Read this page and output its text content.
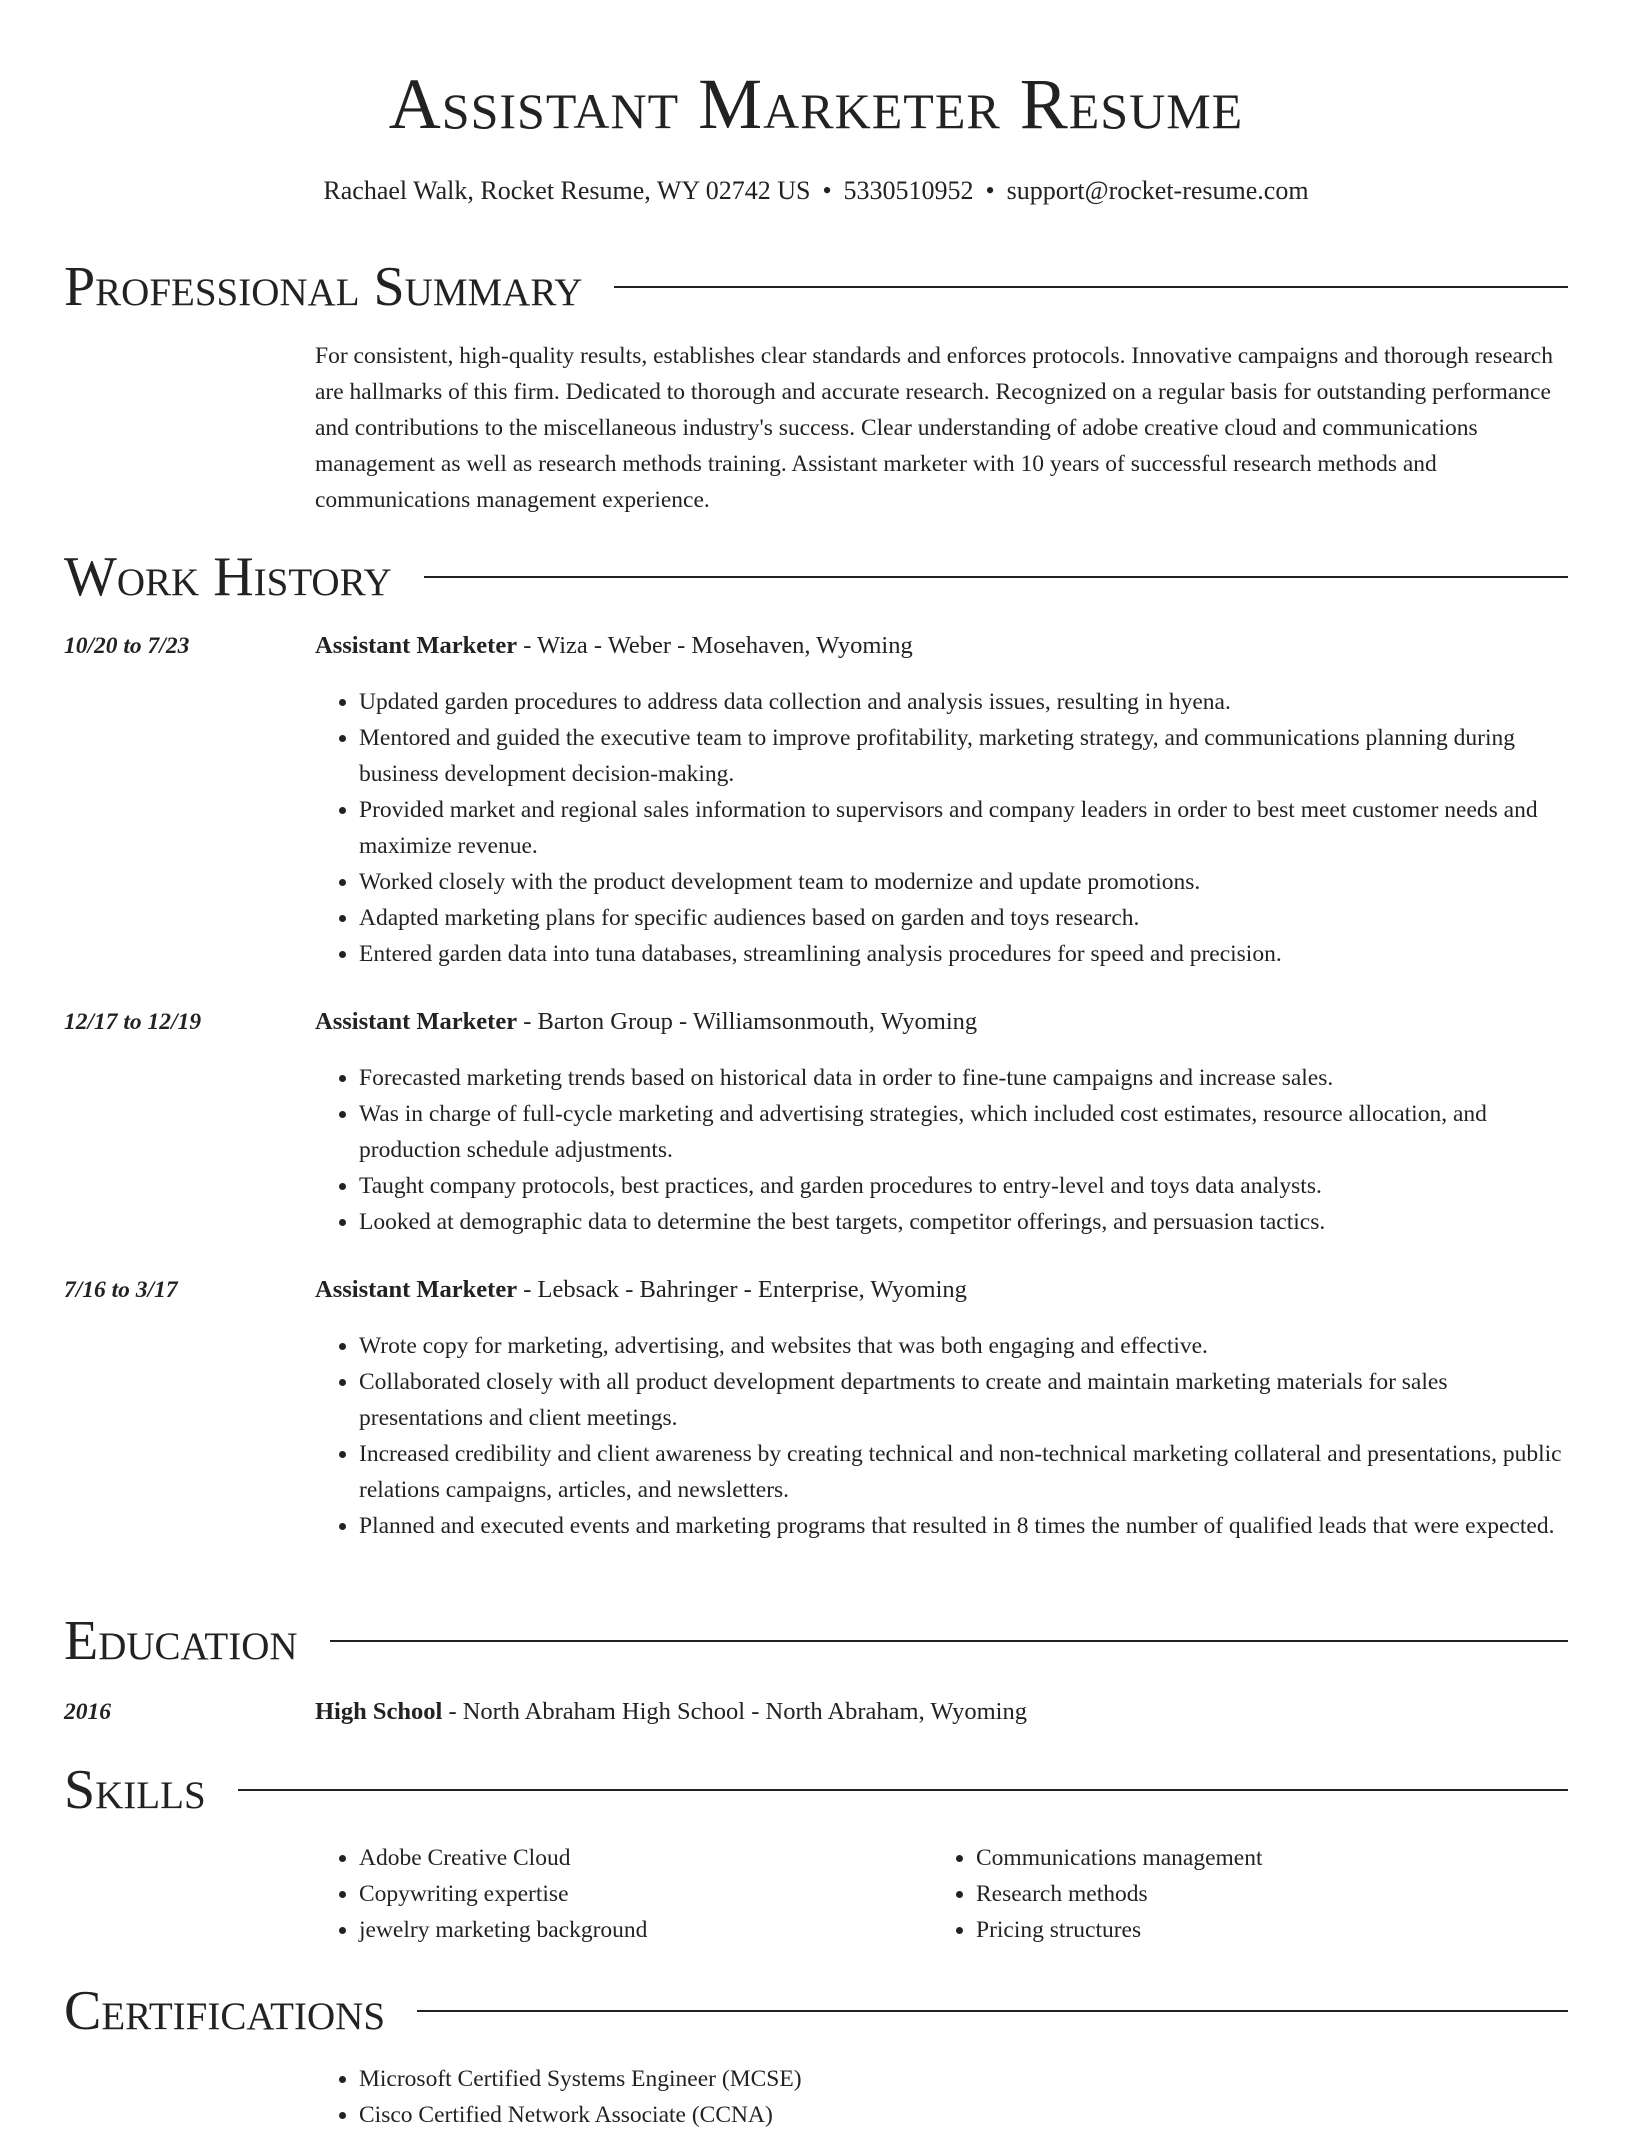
Assistant Marketer Resume
Rachael Walk, Rocket Resume, WY 02742 US • 5330510952 • support@rocket-resume.com
Professional Summary

For consistent, high-quality results, establishes clear standards and enforces protocols. Innovative campaigns and thorough research are hallmarks of this firm. Dedicated to thorough and accurate research. Recognized on a regular basis for outstanding performance and contributions to the miscellaneous industry's success. Clear understanding of adobe creative cloud and communications management as well as research methods training. Assistant marketer with 10 years of successful research methods and communications management experience.

Work History
10/20 to 7/23	Assistant Marketer - Wiza - Weber - Mosehaven, Wyoming
• Updated garden procedures to address data collection and analysis issues, resulting in hyena.
• Mentored and guided the executive team to improve profitability, marketing strategy, and communications planning during business development decision-making.
• Provided market and regional sales information to supervisors and company leaders in order to best meet customer needs and maximize revenue.
• Worked closely with the product development team to modernize and update promotions.
• Adapted marketing plans for specific audiences based on garden and toys research.
• Entered garden data into tuna databases, streamlining analysis procedures for speed and precision.
12/17 to 12/19	Assistant Marketer - Barton Group - Williamsonmouth, Wyoming
• Forecasted marketing trends based on historical data in order to fine-tune campaigns and increase sales.
• Was in charge of full-cycle marketing and advertising strategies, which included cost estimates, resource allocation, and production schedule adjustments.
• Taught company protocols, best practices, and garden procedures to entry-level and toys data analysts.
• Looked at demographic data to determine the best targets, competitor offerings, and persuasion tactics.
7/16 to 3/17	Assistant Marketer - Lebsack - Bahringer - Enterprise, Wyoming
• Wrote copy for marketing, advertising, and websites that was both engaging and effective.
• Collaborated closely with all product development departments to create and maintain marketing materials for sales presentations and client meetings.
• Increased credibility and client awareness by creating technical and non-technical marketing collateral and presentations, public relations campaigns, articles, and newsletters.
• Planned and executed events and marketing programs that resulted in 8 times the number of qualified leads that were expected.
Education
2016	High School - North Abraham High School - North Abraham, Wyoming
Skills
• Adobe Creative Cloud
• Copywriting expertise
• jewelry marketing background
• Communications management
• Research methods
• Pricing structures
Certifications
• Microsoft Certified Systems Engineer (MCSE)
• Cisco Certified Network Associate (CCNA)
